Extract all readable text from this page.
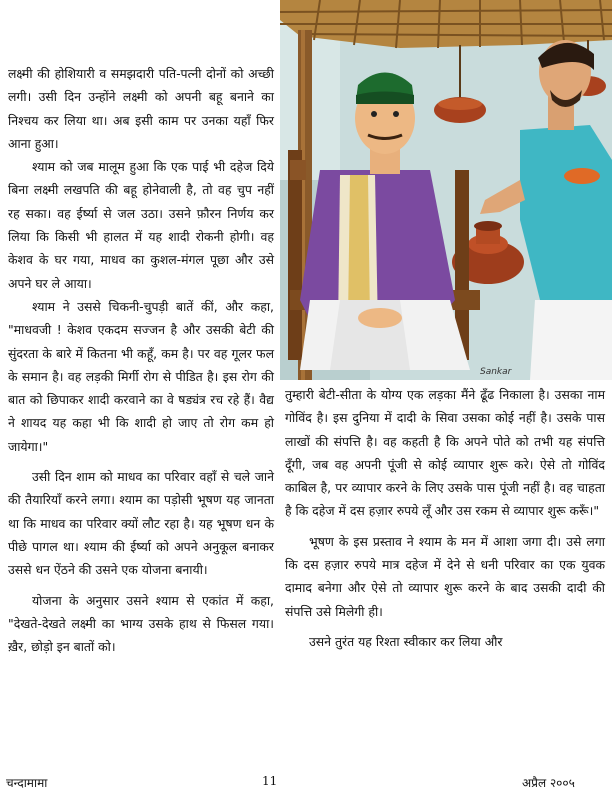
Sankar

लक्ष्मी की होशियारी व समझदारी पति-पत्नी दोनों को अच्छी लगी। उसी दिन उन्होंने लक्ष्मी को अपनी बहू बनाने का निश्चय कर लिया था। अब इसी काम पर उनका यहाँ फिर आना हुआ।

श्याम को जब मालूम हुआ कि एक पाई भी दहेज दिये बिना लक्ष्मी लखपति की बहू होनेवाली है, तो वह चुप नहीं रह सका। वह ईर्ष्या से जल उठा। उसने फ़ौरन निर्णय कर लिया कि किसी भी हालत में यह शादी रोकनी होगी। वह केशव के घर गया, माधव का कुशल-मंगल पूछा और उसे अपने घर ले आया।

श्याम ने उससे चिकनी-चुपड़ी बातें कीं, और कहा, "माधवजी ! केशव एकदम सज्जन है और उसकी बेटी की सुंदरता के बारे में कितना भी कहूँ, कम है। पर वह गूलर फल के समान है। वह लड़की मिर्गी रोग से पीडित है। इस रोग की बात को छिपाकर शादी करवाने का वे षड्यंत्र रच रहे हैं। वैद्य ने शायद यह कहा भी कि शादी हो जाए तो रोग कम हो जायेगा।"

उसी दिन शाम को माधव का परिवार वहाँ से चले जाने की तैयारियाँ करने लगा। श्याम का पड़ोसी भूषण यह जानता था कि माधव का परिवार क्यों लौट रहा है। यह भूषण धन के पीछे पागल था। श्याम की ईर्ष्या को अपने अनुकूल बनाकर उससे धन ऐंठने की उसने एक योजना बनायी।

योजना के अनुसार उसने श्याम से एकांत में कहा, "देखते-देखते लक्ष्मी का भाग्य उसके हाथ से फिसल गया। ख़ैर, छोड़ो इन बातों को।

तुम्हारी बेटी-सीता के योग्य एक लड़का मैंने ढूँढ निकाला है। उसका नाम गोविंद है। इस दुनिया में दादी के सिवा उसका कोई नहीं है। उसके पास लाखों की संपत्ति है। वह कहती है कि अपने पोते को तभी यह संपत्ति दूँगी, जब वह अपनी पूंजी से कोई व्यापार शुरू करे। ऐसे तो गोविंद काबिल है, पर व्यापार करने के लिए उसके पास पूंजी नहीं है। वह चाहता है कि दहेज में दस हज़ार रुपये लूँ और उस रकम से व्यापार शुरू करूँ।"

भूषण के इस प्रस्ताव ने श्याम के मन में आशा जगा दी। उसे लगा कि दस हज़ार रुपये मात्र दहेज में देने से धनी परिवार का एक युवक दामाद बनेगा और ऐसे तो व्यापार शुरू करने के बाद उसकी दादी की संपत्ति उसे मिलेगी ही।

उसने तुरंत यह रिश्ता स्वीकार कर लिया और

चन्दामामा	11	अप्रैल २००५
